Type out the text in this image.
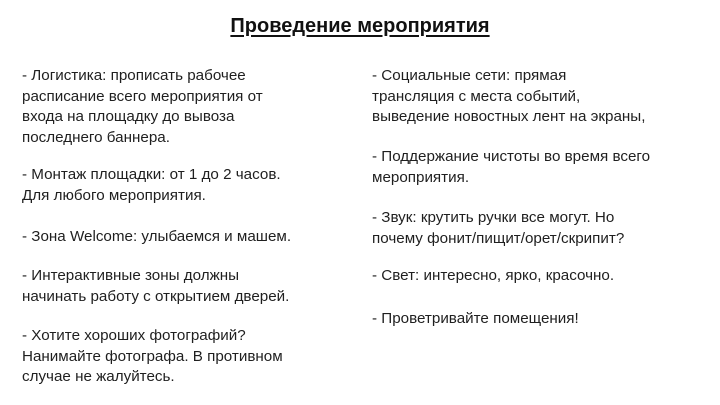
Проведение мероприятия

- Логистика: прописать рабочее
расписание всего мероприятия от
входа на площадку до вывоза
последнего баннера.

- Монтаж площадки: от 1 до 2 часов.
Для любого мероприятия.

- Зона Welcome: улыбаемся и машем.

- Интерактивные зоны должны
начинать работу с открытием дверей.

- Хотите хороших фотографий?
Нанимайте фотографа. В противном
случае не жалуйтесь.

- Социальные сети: прямая
трансляция с места событий,
выведение новостных лент на экраны,

- Поддержание чистоты во время всего
мероприятия.

- Звук: крутить ручки все могут. Но
почему фонит/пищит/орет/скрипит?

- Свет: интересно, ярко, красочно.

- Проветривайте помещения!
